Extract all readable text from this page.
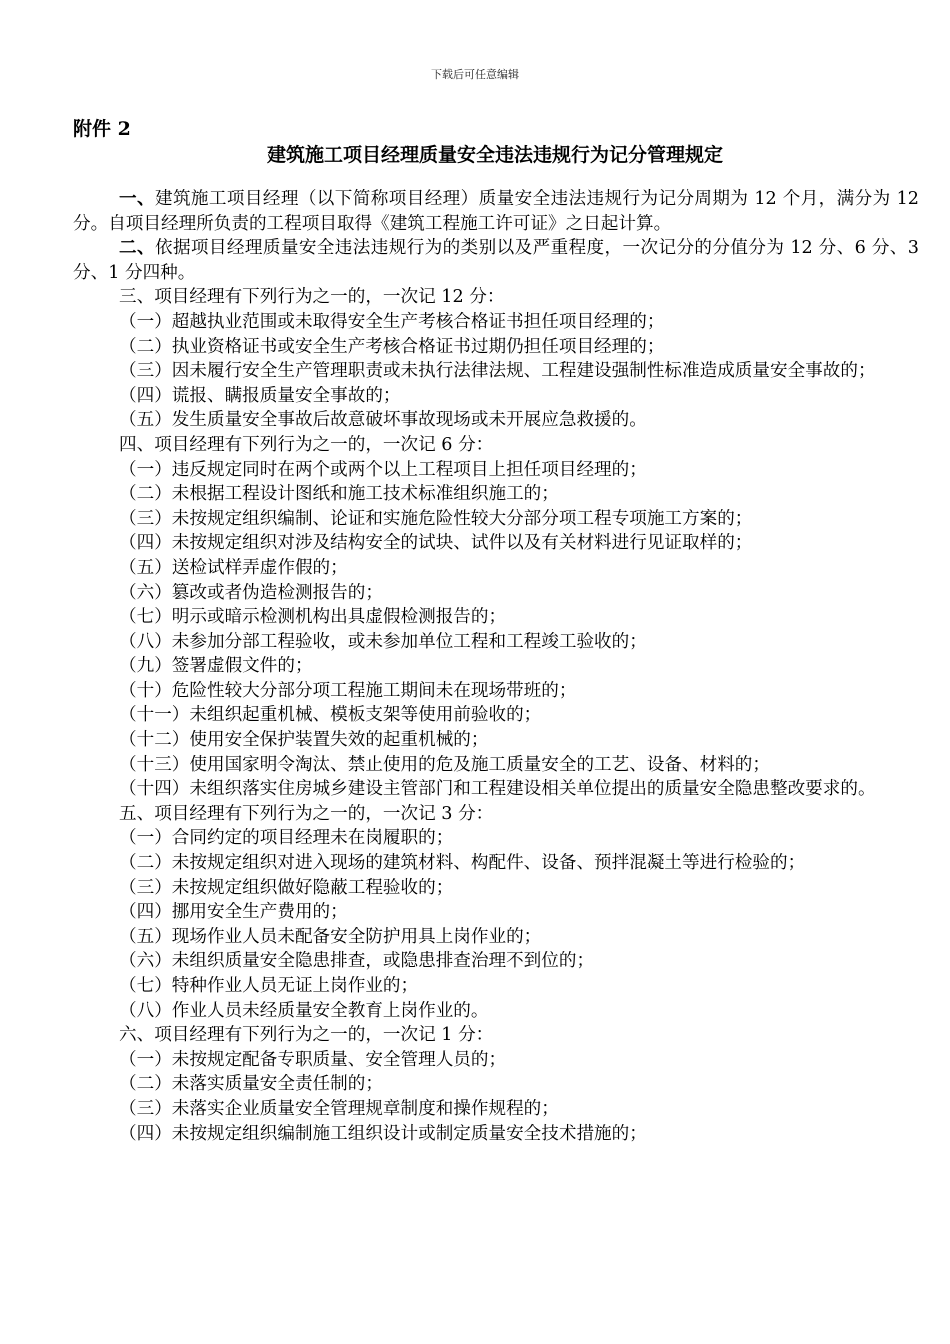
下载后可任意编辑
附件 2
建筑施工项目经理质量安全违法违规行为记分管理规定

一、建筑施工项目经理（以下简称项目经理）质量安全违法违规行为记分周期为 12 个月，满分为 12 分。自项目经理所负责的工程项目取得《建筑工程施工许可证》之日起计算。

二、依据项目经理质量安全违法违规行为的类别以及严重程度，一次记分的分值分为 12 分、6 分、3 分、1 分四种。

三、项目经理有下列行为之一的，一次记 12 分：

（一）超越执业范围或未取得安全生产考核合格证书担任项目经理的；

（二）执业资格证书或安全生产考核合格证书过期仍担任项目经理的；

（三）因未履行安全生产管理职责或未执行法律法规、工程建设强制性标准造成质量安全事故的；

（四）谎报、瞒报质量安全事故的；

（五）发生质量安全事故后故意破坏事故现场或未开展应急救援的。

四、项目经理有下列行为之一的，一次记 6 分：

（一）违反规定同时在两个或两个以上工程项目上担任项目经理的；

（二）未根据工程设计图纸和施工技术标准组织施工的；

（三）未按规定组织编制、论证和实施危险性较大分部分项工程专项施工方案的；

（四）未按规定组织对涉及结构安全的试块、试件以及有关材料进行见证取样的；

（五）送检试样弄虚作假的；

（六）篡改或者伪造检测报告的；

（七）明示或暗示检测机构出具虚假检测报告的；

（八）未参加分部工程验收，或未参加单位工程和工程竣工验收的；

（九）签署虚假文件的；

（十）危险性较大分部分项工程施工期间未在现场带班的；

（十一）未组织起重机械、模板支架等使用前验收的；

（十二）使用安全保护装置失效的起重机械的；

（十三）使用国家明令淘汰、禁止使用的危及施工质量安全的工艺、设备、材料的；

（十四）未组织落实住房城乡建设主管部门和工程建设相关单位提出的质量安全隐患整改要求的。

五、项目经理有下列行为之一的，一次记 3 分：

（一）合同约定的项目经理未在岗履职的；

（二）未按规定组织对进入现场的建筑材料、构配件、设备、预拌混凝土等进行检验的；

（三）未按规定组织做好隐蔽工程验收的；

（四）挪用安全生产费用的；

（五）现场作业人员未配备安全防护用具上岗作业的；

（六）未组织质量安全隐患排查，或隐患排查治理不到位的；

（七）特种作业人员无证上岗作业的；

（八）作业人员未经质量安全教育上岗作业的。

六、项目经理有下列行为之一的，一次记 1 分：

（一）未按规定配备专职质量、安全管理人员的；

（二）未落实质量安全责任制的；

（三）未落实企业质量安全管理规章制度和操作规程的；

（四）未按规定组织编制施工组织设计或制定质量安全技术措施的；
